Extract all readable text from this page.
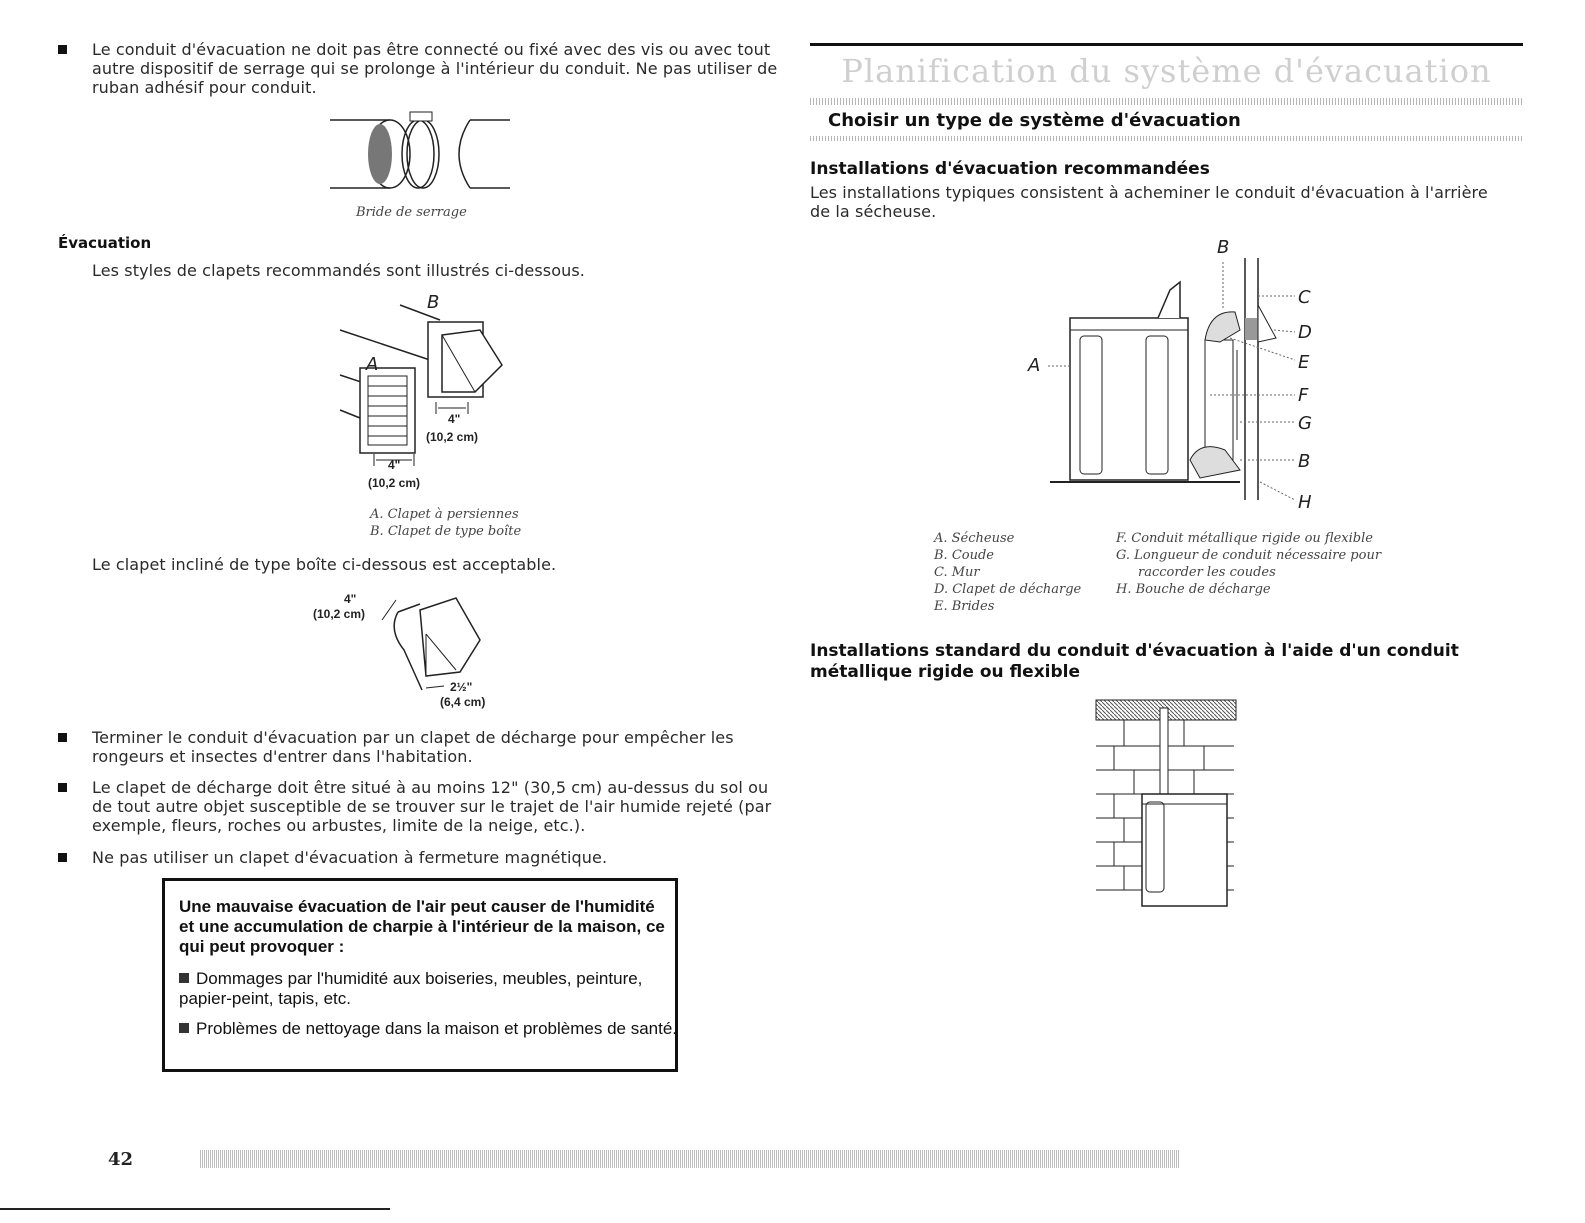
Le conduit d'évacuation ne doit pas être connecté ou fixé avec des vis ou avec tout autre dispositif de serrage qui se prolonge à l'intérieur du conduit. Ne pas utiliser de ruban adhésif pour conduit.
Bride de serrage
Évacuation
Les styles de clapets recommandés sont illustrés ci-dessous.
B
A
4"
(10,2 cm)
4"
(10,2 cm)
A. Clapet à persiennes
B. Clapet de type boîte
Le clapet incliné de type boîte ci-dessous est acceptable.
4"
(10,2 cm)
2½"
(6,4 cm)
Terminer le conduit d'évacuation par un clapet de décharge pour empêcher les rongeurs et insectes d'entrer dans l'habitation.
Le clapet de décharge doit être situé à au moins 12" (30,5 cm) au-dessus du sol ou de tout autre objet susceptible de se trouver sur le trajet de l'air humide rejeté (par exemple, fleurs, roches ou arbustes, limite de la neige, etc.).
Ne pas utiliser un clapet d'évacuation à fermeture magnétique.
Une mauvaise évacuation de l'air peut causer de l'humidité et une accumulation de charpie à l'intérieur de la maison, ce qui peut provoquer :
Dommages par l'humidité aux boiseries, meubles, peinture, papier-peint, tapis, etc.
Problèmes de nettoyage dans la maison et problèmes de santé.
Planification du système d'évacuation
Choisir un type de système d'évacuation
Installations d'évacuation recommandées
Les installations typiques consistent à acheminer le conduit d'évacuation à l'arrière de la sécheuse.
B
C
D
A	E
F
G
B
H
A. Sécheuse
B. Coude
C. Mur
D. Clapet de décharge
E. Brides
F. Conduit métallique rigide ou flexible
G. Longueur de conduit nécessaire pour
raccorder les coudes
H. Bouche de décharge
Installations standard du conduit d'évacuation à l'aide d'un conduit métallique rigide ou flexible
42
